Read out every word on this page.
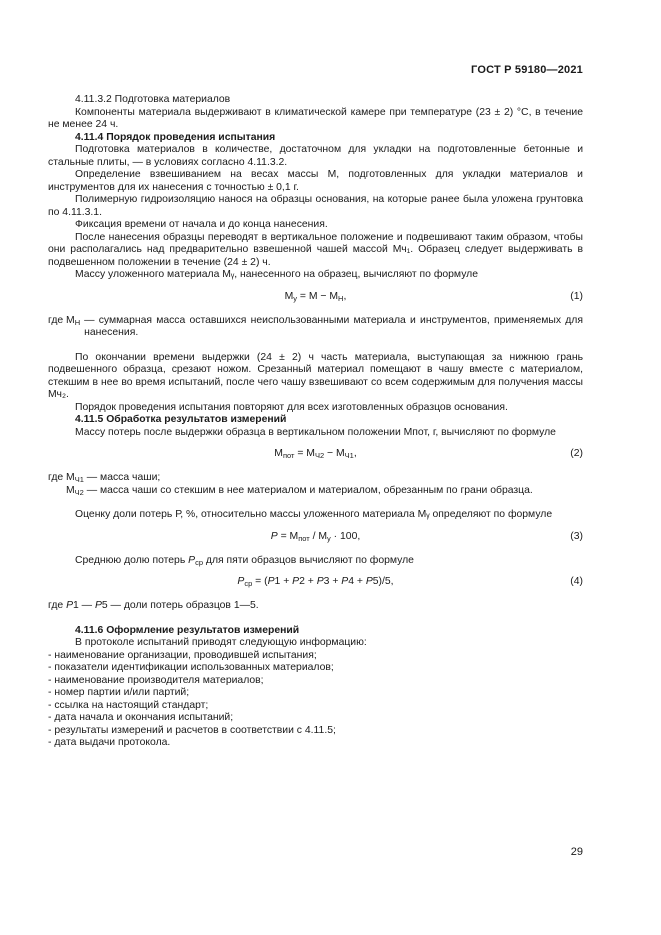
ГОСТ Р 59180—2021

4.11.3.2 Подготовка материалов

Компоненты материала выдерживают в климатической камере при температуре (23 ± 2) °C, в течение не менее 24 ч.

4.11.4 Порядок проведения испытания

Подготовка материалов в количестве, достаточном для укладки на подготовленные бетонные и стальные плиты, — в условиях согласно 4.11.3.2.

Определение взвешиванием на весах массы М, подготовленных для укладки материалов и инструментов для их нанесения с точностью ± 0,1 г.

Полимерную гидроизоляцию нанося на образцы основания, на которые ранее была уложена грунтовка по 4.11.3.1.

Фиксация времени от начала и до конца нанесения.

После нанесения образцы переводят в вертикальное положение и подвешивают таким образом, чтобы они располагались над предварительно взвешенной чашей массой Мч₁. Образец следует выдерживать в подвешенном положении в течение (24 ± 2) ч.

Массу уложенного материала Мᵧ, нанесенного на образец, вычисляют по формуле

$М_у = М - М_Н$,	(1)
где $М_Н$ — суммарная масса оставшихся неиспользованными материала и инструментов, применяемых для нанесения.

По окончании времени выдержки (24 ± 2) ч часть материала, выступающая за нижнюю грань подвешенного образца, срезают ножом. Срезанный материал помещают в чашу вместе с материалом, стекшим в нее во время испытаний, после чего чашу взвешивают со всем содержимым для получения массы Мч₂.

Порядок проведения испытания повторяют для всех изготовленных образцов основания.

4.11.5 Обработка результатов измерений

Массу потерь после выдержки образца в вертикальном положении Мпот, г, вычисляют по формуле

$М_{пот} = М_{Ч2} - М_{Ч1}$,	(2)

где $М_{Ч1}$ — масса чаши;

$М_{Ч2}$ — масса чаши со стекшим в нее материалом и материалом, обрезанным по грани образца.

Оценку доли потерь Р, %, относительно массы уложенного материала Мᵧ определяют по формуле

$P = М_{пот} / М_у \cdot 100$,	(3)

Среднюю долю потерь $P_{ср}$ для пяти образцов вычисляют по формуле

$P_{ср} = (P1 + P2 + P3 + P4 + P5)/5$,	(4)

где P1 — P5 — доли потерь образцов 1—5.

4.11.6 Оформление результатов измерений

В протоколе испытаний приводят следующую информацию:

- наименование организации, проводившей испытания;

- показатели идентификации использованных материалов;

- наименование производителя материалов;

- номер партии и/или партий;

- ссылка на настоящий стандарт;

- дата начала и окончания испытаний;

- результаты измерений и расчетов в соответствии с 4.11.5;

- дата выдачи протокола.

29
